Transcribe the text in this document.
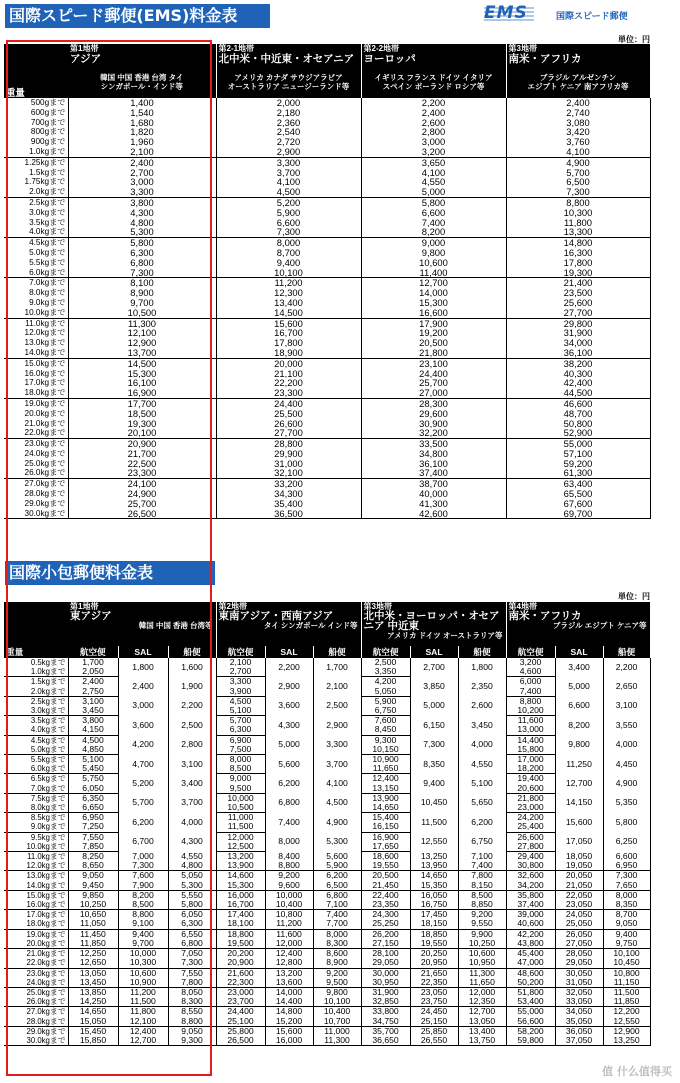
国際スピード郵便(EMS)料金表	EMS	国際スピード郵便
単位：円
重量	第1地帯
アジア
韓国 中国 香港 台湾 タイ
シンガポール・インド等	第2-1地帯
北中米・中近東・オセアニア
アメリカ カナダ サウジアラビア
オーストラリア ニュージーランド等	第2-2地帯
ヨーロッパ
イギリス フランス ドイツ イタリア
スペイン ポーランド ロシア等	第3地帯
南米・アフリカ
ブラジル アルゼンチン
エジプト ケニア 南アフリカ等

500gまで	1,400	2,000	2,200	2,400
600gまで	1,540	2,180	2,400	2,740
700gまで	1,680	2,360	2,600	3,080
800gまで	1,820	2,540	2,800	3,420
900gまで	1,960	2,720	3,000	3,760
1.0kgまで	2,100	2,900	3,200	4,100
1.25kgまで	2,400	3,300	3,650	4,900
1.5kgまで	2,700	3,700	4,100	5,700
1.75kgまで	3,000	4,100	4,550	6,500
2.0kgまで	3,300	4,500	5,000	7,300
2.5kgまで	3,800	5,200	5,800	8,800
3.0kgまで	4,300	5,900	6,600	10,300
3.5kgまで	4,800	6,600	7,400	11,800
4.0kgまで	5,300	7,300	8,200	13,300
4.5kgまで	5,800	8,000	9,000	14,800
5.0kgまで	6,300	8,700	9,800	16,300
5.5kgまで	6,800	9,400	10,600	17,800
6.0kgまで	7,300	10,100	11,400	19,300
7.0kgまで	8,100	11,200	12,700	21,400
8.0kgまで	8,900	12,300	14,000	23,500
9.0kgまで	9,700	13,400	15,300	25,600
10.0kgまで	10,500	14,500	16,600	27,700
11.0kgまで	11,300	15,600	17,900	29,800
12.0kgまで	12,100	16,700	19,200	31,900
13.0kgまで	12,900	17,800	20,500	34,000
14.0kgまで	13,700	18,900	21,800	36,100
15.0kgまで	14,500	20,000	23,100	38,200
16.0kgまで	15,300	21,100	24,400	40,300
17.0kgまで	16,100	22,200	25,700	42,400
18.0kgまで	16,900	23,300	27,000	44,500
19.0kgまで	17,700	24,400	28,300	46,600
20.0kgまで	18,500	25,500	29,600	48,700
21.0kgまで	19,300	26,600	30,900	50,800
22.0kgまで	20,100	27,700	32,200	52,900
23.0kgまで	20,900	28,800	33,500	55,000
24.0kgまで	21,700	29,900	34,800	57,100
25.0kgまで	22,500	31,000	36,100	59,200
26.0kgまで	23,300	32,100	37,400	61,300
27.0kgまで	24,100	33,200	38,700	63,400
28.0kgまで	24,900	34,300	40,000	65,500
29.0kgまで	25,700	35,400	41,300	67,600
30.0kgまで	26,500	36,500	42,600	69,700
国際小包郵便料金表
単位：円
重量	第1地帯
東アジア
韓国 中国 香港 台湾等			第2地帯
東南アジア・西南アジア
タイ シンガポール インド等			第3地帯
北中米・ヨーロッパ・オセアニア 中近東
アメリカ ドイツ オーストラリア等			第4地帯
南米・アフリカ
ブラジル エジプト ケニア等		

	航空便	SAL	船便	航空便	SAL	船便	航空便	SAL	船便	航空便	SAL	船便
0.5kgまで	1,700	1,800	1,600	2,100	2,200	1,700	2,500	2,700	1,800	3,200	3,400	2,200
1.0kgまで	2,050			2,700			3,350			4,600		
1.5kgまで	2,400	2,400	1,900	3,300	2,900	2,100	4,200	3,850	2,350	6,000	5,000	2,650
2.0kgまで	2,750			3,900			5,050			7,400		
2.5kgまで	3,100	3,000	2,200	4,500	3,600	2,500	5,900	5,000	2,600	8,800	6,600	3,100
3.0kgまで	3,450			5,100			6,750			10,200		
3.5kgまで	3,800	3,600	2,500	5,700	4,300	2,900	7,600	6,150	3,450	11,600	8,200	3,550
4.0kgまで	4,150			6,300			8,450			13,000		
4.5kgまで	4,500	4,200	2,800	6,900	5,000	3,300	9,300	7,300	4,000	14,400	9,800	4,000
5.0kgまで	4,850			7,500			10,150			15,800		
5.5kgまで	5,100	4,700	3,100	8,000	5,600	3,700	10,900	8,350	4,550	17,000	11,250	4,450
6.0kgまで	5,450			8,500			11,650			18,200		
6.5kgまで	5,750	5,200	3,400	9,000	6,200	4,100	12,400	9,400	5,100	19,400	12,700	4,900
7.0kgまで	6,050			9,500			13,150			20,600		
7.5kgまで	6,350	5,700	3,700	10,000	6,800	4,500	13,900	10,450	5,650	21,800	14,150	5,350
8.0kgまで	6,650			10,500			14,650			23,000		
8.5kgまで	6,950	6,200	4,000	11,000	7,400	4,900	15,400	11,500	6,200	24,200	15,600	5,800
9.0kgまで	7,250			11,500			16,150			25,400		
9.5kgまで	7,550	6,700	4,300	12,000	8,000	5,300	16,900	12,550	6,750	26,600	17,050	6,250
10.0kgまで	7,850			12,500			17,650			27,800		
11.0kgまで	8,250	7,000	4,550	13,200	8,400	5,600	18,600	13,250	7,100	29,400	18,050	6,600
12.0kgまで	8,650	7,300	4,800	13,900	8,800	5,900	19,550	13,950	7,400	30,800	19,050	6,950
13.0kgまで	9,050	7,600	5,050	14,600	9,200	6,200	20,500	14,650	7,800	32,600	20,050	7,300
14.0kgまで	9,450	7,900	5,300	15,300	9,600	6,500	21,450	15,350	8,150	34,200	21,050	7,650
15.0kgまで	9,850	8,200	5,550	16,000	10,000	6,800	22,400	16,050	8,500	35,800	22,050	8,000
16.0kgまで	10,250	8,500	5,800	16,700	10,400	7,100	23,350	16,750	8,850	37,400	23,050	8,350
17.0kgまで	10,650	8,800	6,050	17,400	10,800	7,400	24,300	17,450	9,200	39,000	24,050	8,700
18.0kgまで	11,050	9,100	6,300	18,100	11,200	7,700	25,250	18,150	9,550	40,600	25,050	9,050
19.0kgまで	11,450	9,400	6,550	18,800	11,600	8,000	26,200	18,850	9,900	42,200	26,050	9,400
20.0kgまで	11,850	9,700	6,800	19,500	12,000	8,300	27,150	19,550	10,250	43,800	27,050	9,750
21.0kgまで	12,250	10,000	7,050	20,200	12,400	8,600	28,100	20,250	10,600	45,400	28,050	10,100
22.0kgまで	12,650	10,300	7,300	20,900	12,800	8,900	29,050	20,950	10,950	47,000	29,050	10,450
23.0kgまで	13,050	10,600	7,550	21,600	13,200	9,200	30,000	21,650	11,300	48,600	30,050	10,800
24.0kgまで	13,450	10,900	7,800	22,300	13,600	9,500	30,950	22,350	11,650	50,200	31,050	11,150
25.0kgまで	13,850	11,200	8,050	23,000	14,000	9,800	31,900	23,050	12,000	51,800	32,050	11,500
26.0kgまで	14,250	11,500	8,300	23,700	14,400	10,100	32,850	23,750	12,350	53,400	33,050	11,850
27.0kgまで	14,650	11,800	8,550	24,400	14,800	10,400	33,800	24,450	12,700	55,000	34,050	12,200
28.0kgまで	15,050	12,100	8,800	25,100	15,200	10,700	34,750	25,150	13,050	56,600	35,050	12,550
29.0kgまで	15,450	12,400	9,050	25,800	15,600	11,000	35,700	25,850	13,400	58,200	36,050	12,900
30.0kgまで	15,850	12,700	9,300	26,500	16,000	11,300	36,650	26,550	13,750	59,800	37,050	13,250
值 什么值得买
